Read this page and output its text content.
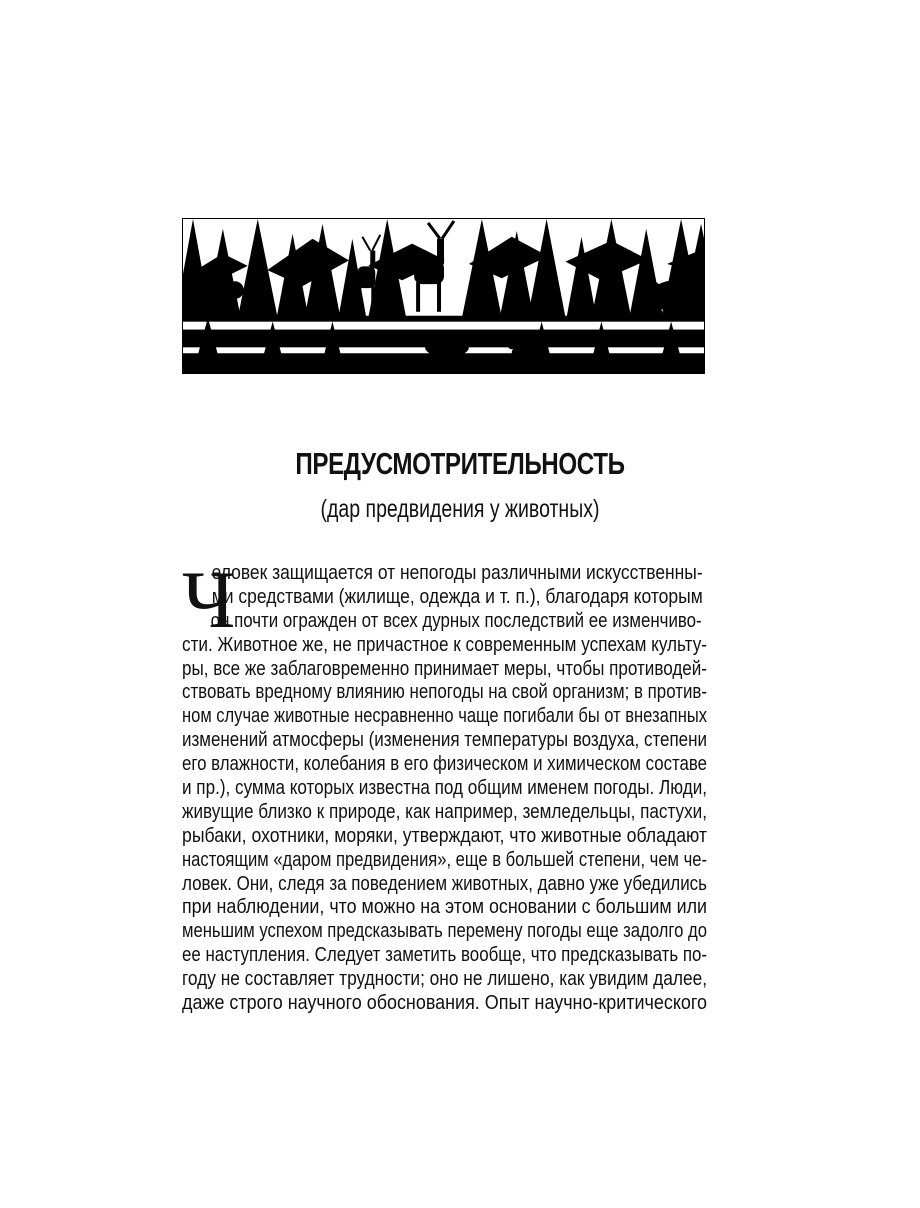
ПРЕДУСМОТРИТЕЛЬНОСТЬ
(дар предвидения у животных)
Ч
еловек защищается от непогоды различными искусственны-
ми средствами (жилище, одежда и т. п.), благодаря которым
он почти огражден от всех дурных последствий ее изменчиво-
сти. Животное же, не причастное к современным успехам культу-
ры, все же заблаговременно принимает меры, чтобы противодей-
ствовать вредному влиянию непогоды на свой организм; в против-
ном случае животные несравненно чаще погибали бы от внезапных
изменений атмосферы (изменения температуры воздуха, степени
его влажности, колебания в его физическом и химическом составе
и пр.), сумма которых известна под общим именем погоды. Люди,
живущие близко к природе, как например, земледельцы, пастухи,
рыбаки, охотники, моряки, утверждают, что животные обладают
настоящим «даром предвидения», еще в большей степени, чем че-
ловек. Они, следя за поведением животных, давно уже убедились
при наблюдении, что можно на этом основании с большим или
меньшим успехом предсказывать перемену погоды еще задолго до
ее наступления. Следует заметить вообще, что предсказывать по-
году не составляет трудности; оно не лишено, как увидим далее,
даже строго научного обоснования. Опыт научно-критического
